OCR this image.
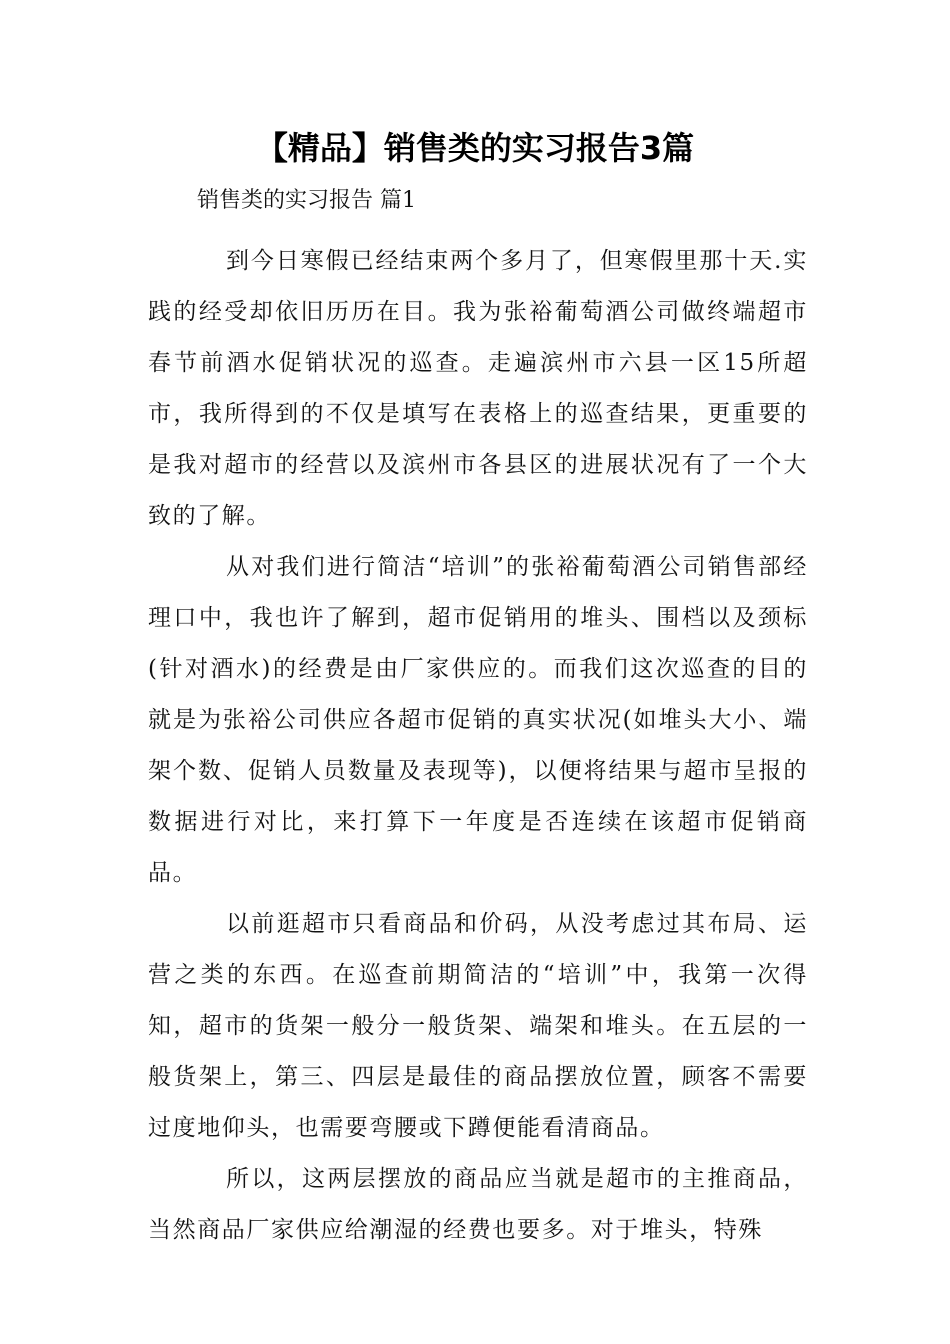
【精品】销售类的实习报告3篇
销售类的实习报告 篇1

到今日寒假已经结束两个多月了，但寒假里那十天.实践的经受却依旧历历在目。我为张裕葡萄酒公司做终端超市春节前酒水促销状况的巡查。走遍滨州市六县一区15所超市，我所得到的不仅是填写在表格上的巡查结果，更重要的是我对超市的经营以及滨州市各县区的进展状况有了一个大致的了解。

从对我们进行简洁“培训”的张裕葡萄酒公司销售部经理口中，我也许了解到，超市促销用的堆头、围档以及颈标(针对酒水)的经费是由厂家供应的。而我们这次巡查的目的就是为张裕公司供应各超市促销的真实状况(如堆头大小、端架个数、促销人员数量及表现等)，以便将结果与超市呈报的数据进行对比，来打算下一年度是否连续在该超市促销商品。

以前逛超市只看商品和价码，从没考虑过其布局、运营之类的东西。在巡查前期简洁的“培训”中，我第一次得知，超市的货架一般分一般货架、端架和堆头。在五层的一般货架上，第三、四层是最佳的商品摆放位置，顾客不需要过度地仰头，也需要弯腰或下蹲便能看清商品。

所以，这两层摆放的商品应当就是超市的主推商品，当然商品厂家供应给潮湿的经费也要多。对于堆头，特殊
